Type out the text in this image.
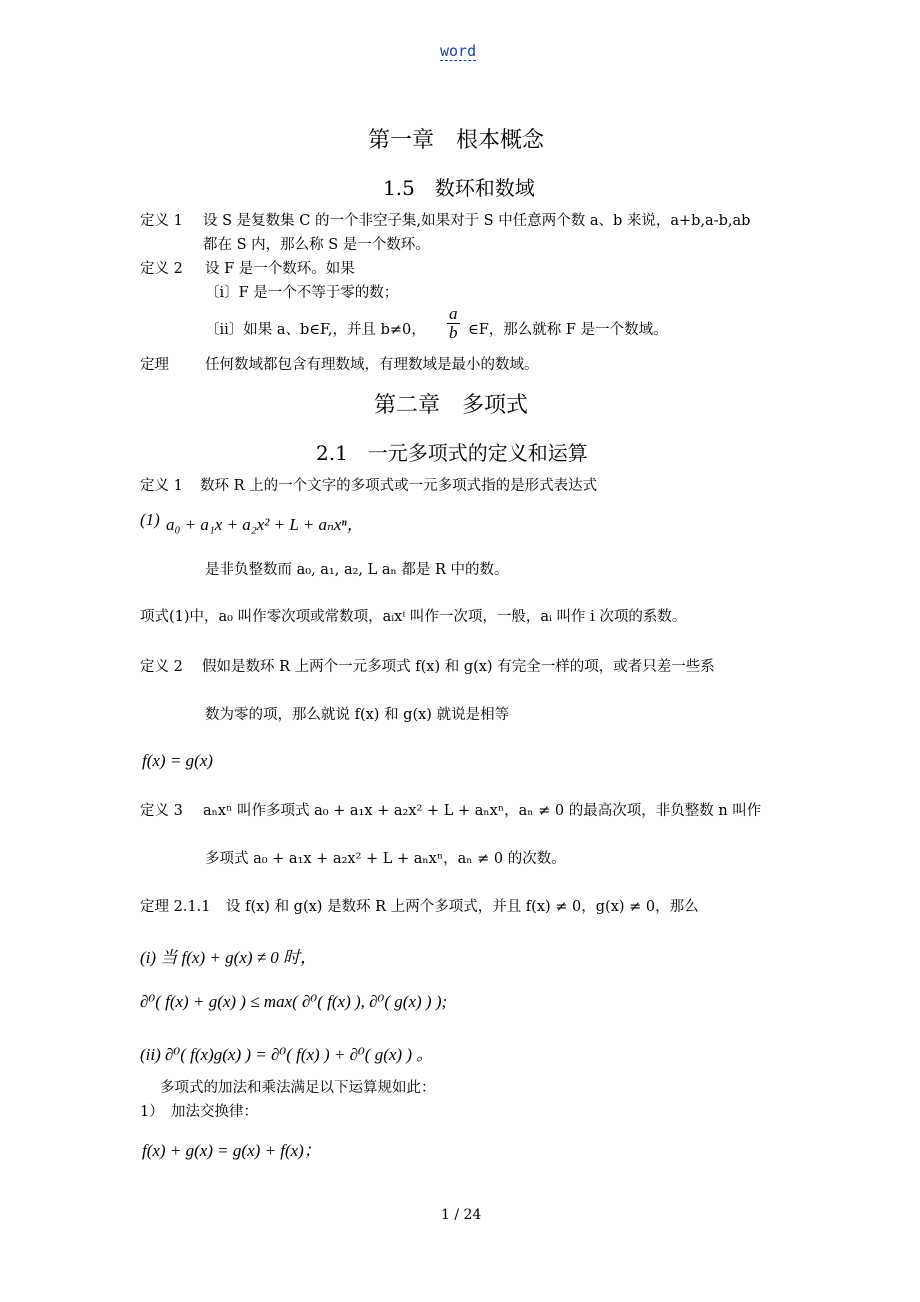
word
第一章　根本概念
1.5　数环和数域
定义 1 设 S 是复数集 C 的一个非空子集,如果对于 S 中任意两个数 a、b 来说，a+b,a-b,ab
都在 S 内，那么称 S 是一个数环。
定义 2 设 F 是一个数环。如果
〔i〕F 是一个不等于零的数；
〔ii〕如果 a、b∈F,，并且 b≠0， $\frac{a}{b}$ ∈F，那么就称 F 是一个数域。
定理 任何数域都包含有理数域，有理数域是最小的数域。
第二章　多项式
2.1　一元多项式的定义和运算
定义 1 数环 R 上的一个文字的多项式或一元多项式指的是形式表达式
(1) a₀ + a₁x + a₂x² + L + aₙxⁿ，
是非负整数而 a₀, a₁, a₂, L aₙ 都是 R 中的数。
项式(1)中，a₀ 叫作零次项或常数项，aᵢxⁱ 叫作一次项，一般，aᵢ 叫作 i 次项的系数。
定义 2 假如是数环 R 上两个一元多项式 f(x) 和 g(x) 有完全一样的项，或者只差一些系
数为零的项，那么就说 f(x) 和 g(x) 就说是相等
f(x) = g(x)
定义 3 aₙxⁿ 叫作多项式 a₀ + a₁x + a₂x² + L + aₙxⁿ，aₙ ≠ 0 的最高次项，非负整数 n 叫作
多项式 a₀ + a₁x + a₂x² + L + aₙxⁿ，aₙ ≠ 0 的次数。
定理 2.1.1 设 f(x) 和 g(x) 是数环 R 上两个多项式，并且 f(x) ≠ 0，g(x) ≠ 0，那么
(i) 当 f(x) + g(x) ≠ 0 时，
∂⁰( f(x) + g(x) ) ≤ max( ∂⁰( f(x) ), ∂⁰( g(x) ) );
(ii) ∂⁰( f(x)g(x) ) = ∂⁰( f(x) ) + ∂⁰( g(x) ) 。
多项式的加法和乘法满足以下运算规如此：
1）　加法交换律：
f(x) + g(x) = g(x) + f(x)；
1 / 24
